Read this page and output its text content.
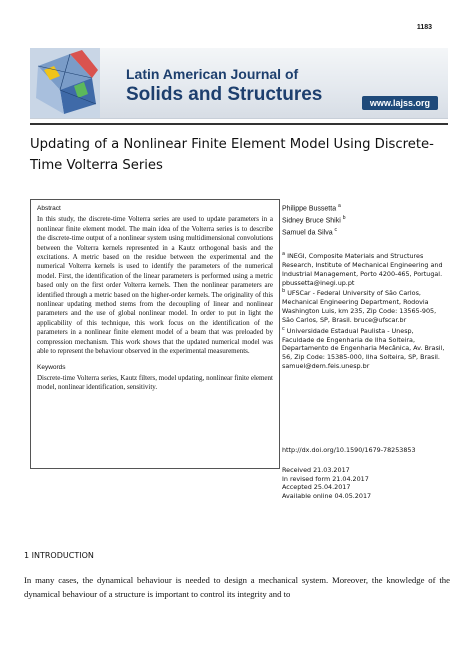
1183
Latin American Journal of
Solids and Structures	www.lajss.org
Updating of a Nonlinear Finite Element Model Using Discrete-Time Volterra Series

Abstract

In this study, the discrete-time Volterra series are used to update parameters in a nonlinear finite element model. The main idea of the Volterra series is to describe the discrete-time output of a nonlinear system using multidimensional convolutions between the Volterra kernels represented in a Kautz orthogonal basis and the excitations. A metric based on the residue between the experimental and the numerical Volterra kernels is used to identify the parameters of the numerical model. First, the identification of the linear parameters is performed using a metric based only on the first order Volterra kernels. Then the nonlinear parameters are identified through a metric based on the higher-order kernels. The originality of this nonlinear updating method stems from the decoupling of linear and nonlinear parameters and the use of global nonlinear model. In order to put in light the applicability of this technique, this work focus on the identification of the parameters in a nonlinear finite element model of a beam that was preloaded by compression mechanism. This work shows that the updated numerical model was able to represent the behaviour observed in the experimental measurements.

Keywords

Discrete-time Volterra series, Kautz filters, model updating, nonlinear finite element model, nonlinear identification, sensitivity.

Philippe Bussetta $^a$

Sidney Bruce Shiki $^b$

Samuel da Silva $^c$

$^a$ INEGI, Composite Materials and Structures Research, Institute of Mechanical Engineering and Industrial Management, Porto 4200-465, Portugal. pbussetta@inegi.up.pt

$^b$ UFSCar - Federal University of São Carlos, Mechanical Engineering Department, Rodovia Washington Luis, km 235, Zip Code: 13565-905, São Carlos, SP, Brasil. bruce@ufscar.br

$^c$ Universidade Estadual Paulista - Unesp, Faculdade de Engenharia de Ilha Solteira, Departamento de Engenharia Mecânica, Av. Brasil, 56, Zip Code: 15385-000, Ilha Solteira, SP, Brasil. samuel@dem.feis.unesp.br

http://dx.doi.org/10.1590/1679-78253853

Received 21.03.2017

In revised form 21.04.2017

Accepted 25.04.2017

Available online 04.05.2017

1 INTRODUCTION
In many cases, the dynamical behaviour is needed to design a mechanical system. Moreover, the knowledge of the dynamical behaviour of a structure is important to control its integrity and to
